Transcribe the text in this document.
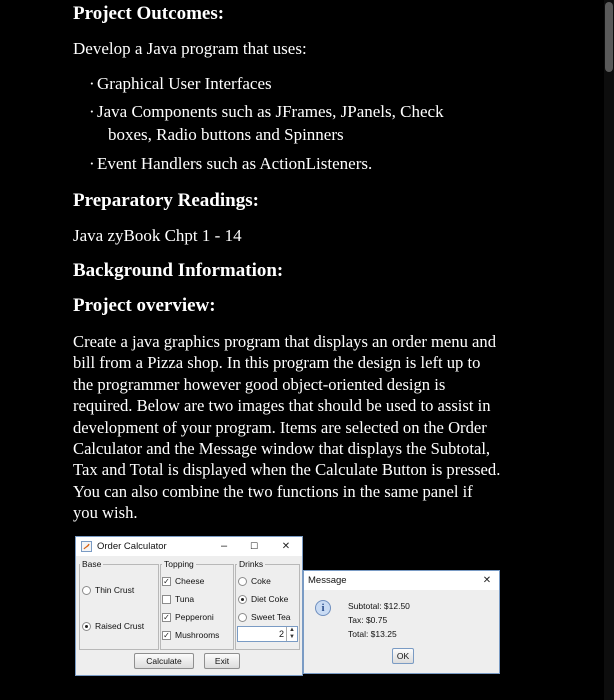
Project Outcomes:
Develop a Java program that uses:
· Graphical User Interfaces
· Java Components such as JFrames, JPanels, Check
boxes, Radio buttons and Spinners
· Event Handlers such as ActionListeners.
Preparatory Readings:
Java zyBook Chpt 1 - 14
Background Information:
Project overview:
Create a java graphics program that displays an order menu and
bill from a Pizza shop. In this program the design is left up to
the programmer however good object-oriented design is
required. Below are two images that should be used to assist in
development of your program. Items are selected on the Order
Calculator and the Message window that displays the Subtotal,
Tax and Total is displayed when the Calculate Button is pressed.
You can also combine the two functions in the same panel if
you wish.
Order Calculator	–	☐	✕
Base
Thin Crust
Raised Crust
Topping
✓ Cheese
Tuna
✓ Pepperoni
✓ Mushrooms
Drinks
Coke
Diet Coke
Sweet Tea
2 ▲
▼
Calculate	Exit
Message	✕
i	Subtotal: $12.50
Tax: $0.75
Total: $13.25
OK
